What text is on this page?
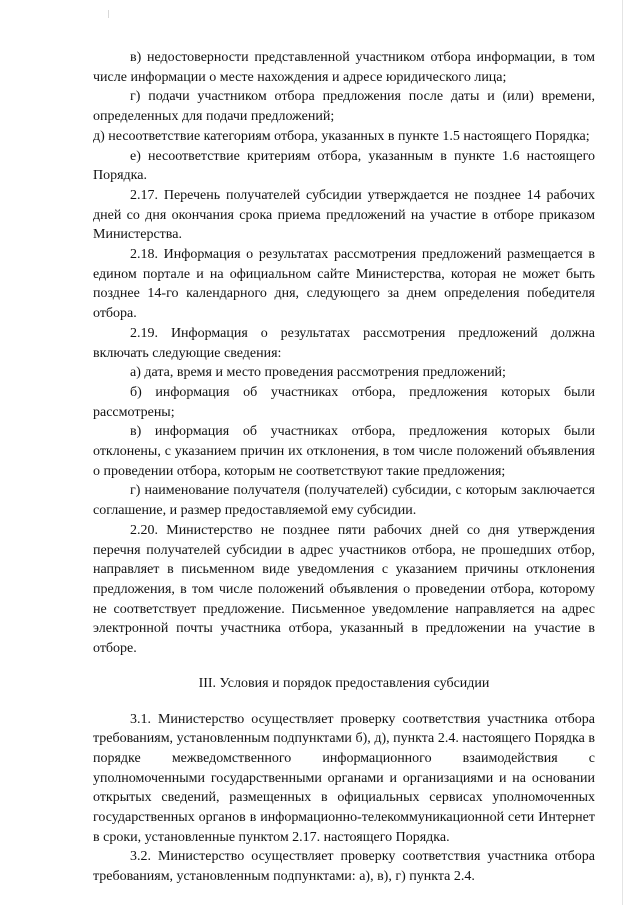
в) недостоверности представленной участником отбора информации, в том числе информации о месте нахождения и адресе юридического лица;

г) подачи участником отбора предложения после даты и (или) времени, определенных для подачи предложений;

д) несоответствие категориям отбора, указанных в пункте 1.5 настоящего Порядка;

е) несоответствие критериям отбора, указанным в пункте 1.6 настоящего Порядка.

2.17. Перечень получателей субсидии утверждается не позднее 14 рабочих дней со дня окончания срока приема предложений на участие в отборе приказом Министерства.

2.18. Информация о результатах рассмотрения предложений размещается в едином портале и на официальном сайте Министерства, которая не может быть позднее 14-го календарного дня, следующего за днем определения победителя отбора.

2.19. Информация о результатах рассмотрения предложений должна включать следующие сведения:

а) дата, время и место проведения рассмотрения предложений;

б) информация об участниках отбора, предложения которых были рассмотрены;

в) информация об участниках отбора, предложения которых были отклонены, с указанием причин их отклонения, в том числе положений объявления о проведении отбора, которым не соответствуют такие предложения;

г) наименование получателя (получателей) субсидии, с которым заключается соглашение, и размер предоставляемой ему субсидии.

2.20. Министерство не позднее пяти рабочих дней со дня утверждения перечня получателей субсидии в адрес участников отбора, не прошедших отбор, направляет в письменном виде уведомления с указанием причины отклонения предложения, в том числе положений объявления о проведении отбора, которому не соответствует предложение. Письменное уведомление направляется на адрес электронной почты участника отбора, указанный в предложении на участие в отборе.

III. Условия и порядок предоставления субсидии

3.1. Министерство осуществляет проверку соответствия участника отбора требованиям, установленным подпунктами б), д), пункта 2.4. настоящего Порядка в порядке межведомственного информационного взаимодействия с уполномоченными государственными органами и организациями и на основании открытых сведений, размещенных в официальных сервисах уполномоченных государственных органов в информационно-телекоммуникационной сети Интернет в сроки, установленные пунктом 2.17. настоящего Порядка.

3.2. Министерство осуществляет проверку соответствия участника отбора требованиям, установленным подпунктами: а), в), г) пункта 2.4.
